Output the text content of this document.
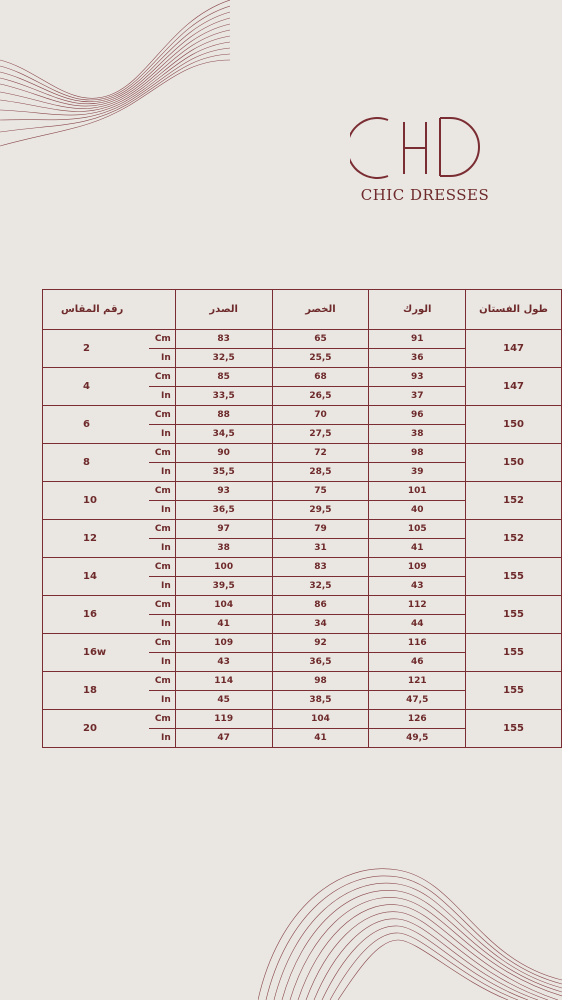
CHIC DRESSES
رقم المقاس		الصدر	الخصر	الورك	طول الفستان
2	Cm	83	65	91	147
	In	32,5	25,5	36	
4	Cm	85	68	93	147
	In	33,5	26,5	37	
6	Cm	88	70	96	150
	In	34,5	27,5	38	
8	Cm	90	72	98	150
	In	35,5	28,5	39	
10	Cm	93	75	101	152
	In	36,5	29,5	40	
12	Cm	97	79	105	152
	In	38	31	41	
14	Cm	100	83	109	155
	In	39,5	32,5	43	
16	Cm	104	86	112	155
	In	41	34	44	
16w	Cm	109	92	116	155
	In	43	36,5	46	
18	Cm	114	98	121	155
	In	45	38,5	47,5	
20	Cm	119	104	126	155
	In	47	41	49,5	
